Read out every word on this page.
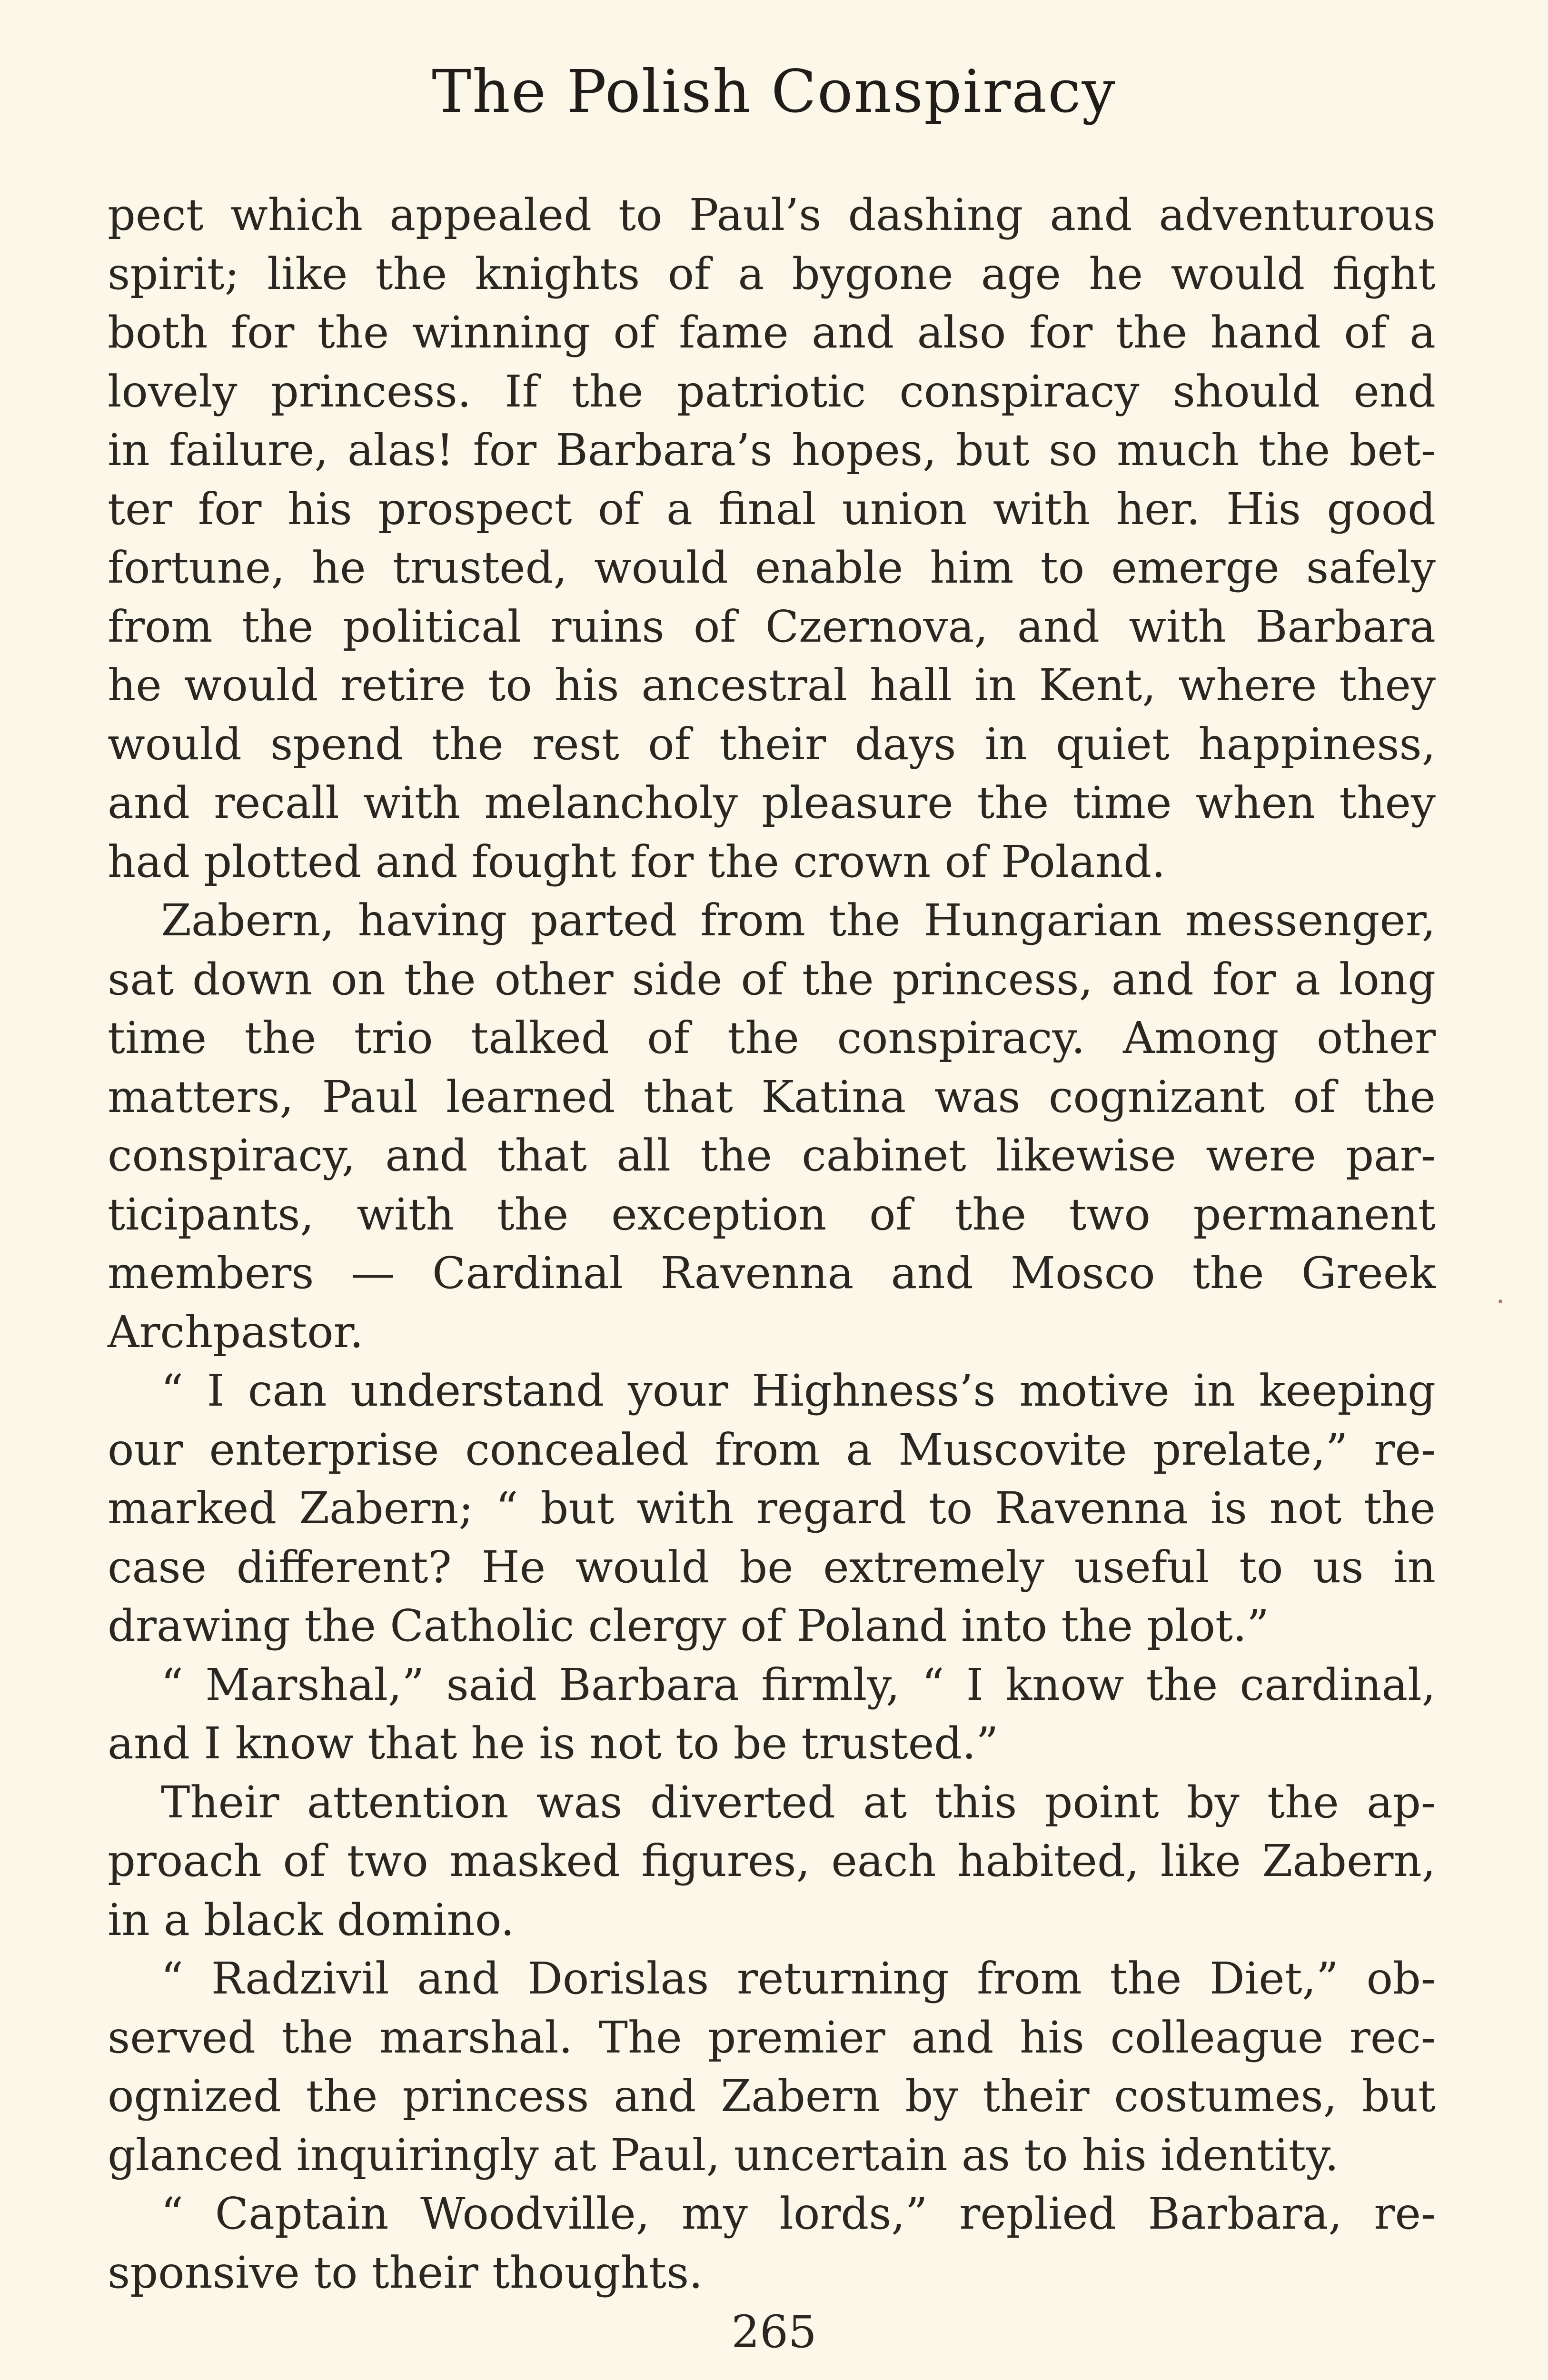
The Polish Conspiracy
pect which appealed to Paul’s dashing and adventurous
spirit; like the knights of a bygone age he would fight
both for the winning of fame and also for the hand of a
lovely princess. If the patriotic conspiracy should end
in failure, alas! for Barbara’s hopes, but so much the bet-
ter for his prospect of a final union with her. His good
fortune, he trusted, would enable him to emerge safely
from the political ruins of Czernova, and with Barbara
he would retire to his ancestral hall in Kent, where they
would spend the rest of their days in quiet happiness,
and recall with melancholy pleasure the time when they
had plotted and fought for the crown of Poland.
Zabern, having parted from the Hungarian messenger,
sat down on the other side of the princess, and for a long
time the trio talked of the conspiracy. Among other
matters, Paul learned that Katina was cognizant of the
conspiracy, and that all the cabinet likewise were par-
ticipants, with the exception of the two permanent
members — Cardinal Ravenna and Mosco the Greek
Archpastor.
“ I can understand your Highness’s motive in keeping
our enterprise concealed from a Muscovite prelate,” re-
marked Zabern; “ but with regard to Ravenna is not the
case different? He would be extremely useful to us in
drawing the Catholic clergy of Poland into the plot.”
“ Marshal,” said Barbara firmly, “ I know the cardinal,
and I know that he is not to be trusted.”
Their attention was diverted at this point by the ap-
proach of two masked figures, each habited, like Zabern,
in a black domino.
“ Radzivil and Dorislas returning from the Diet,” ob-
served the marshal. The premier and his colleague rec-
ognized the princess and Zabern by their costumes, but
glanced inquiringly at Paul, uncertain as to his identity.
“ Captain Woodville, my lords,” replied Barbara, re-
sponsive to their thoughts.
265
